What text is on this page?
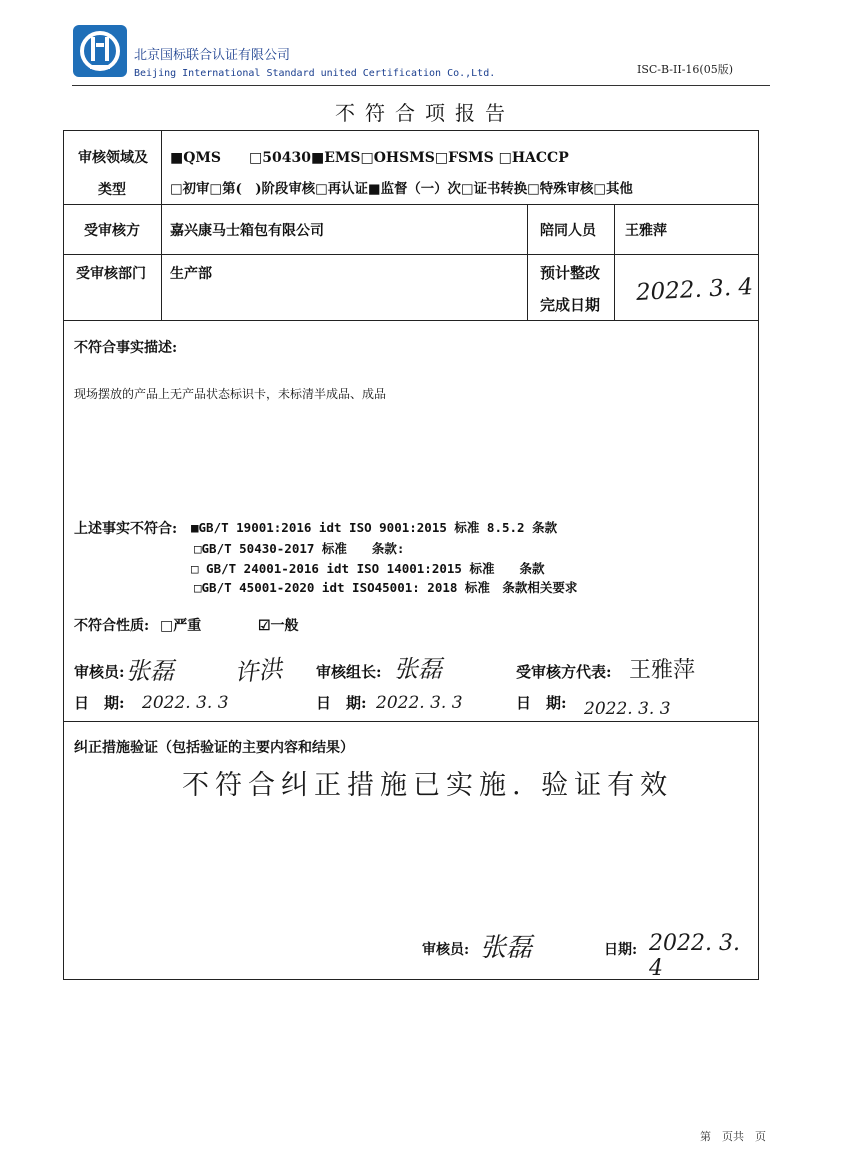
北京国标联合认证有限公司
Beijing International Standard united Certification Co.,Ltd.	ISC-B-II-16(05版)
不符合项报告
审核领域及
类型
■QMS　　□50430■EMS□OHSMS□FSMS □HACCP
□初审□第(　)阶段审核□再认证■监督（一）次□证书转换□特殊审核□其他
受审核方 嘉兴康马士箱包有限公司	陪同人员 王雅萍
受审核部门 生产部	预计整改
完成日期 2022. 3. 4
不符合事实描述:
现场摆放的产品上无产品状态标识卡，未标清半成品、成品
上述事实不符合: ■GB/T 19001:2016 idt ISO 9001:2015 标准 8.5.2 条款
□GB/T 50430-2017 标准　　条款:
□ GB/T 24001-2016 idt ISO 14001:2015 标准　　条款
□GB/T 45001-2020 idt ISO45001: 2018 标准　条款相关要求
不符合性质: □严重	☑一般
审核员: 张磊 许洪 审核组长: 张磊	受审核方代表: 王雅萍
日　期: 2022. 3. 3	日　期: 2022. 3. 3	日　期: 2022. 3. 3
纠正措施验证（包括验证的主要内容和结果）
不符合纠正措施已实施. 验证有效
审核员: 张磊	日期: 2022. 3. 4
第　页共　页
